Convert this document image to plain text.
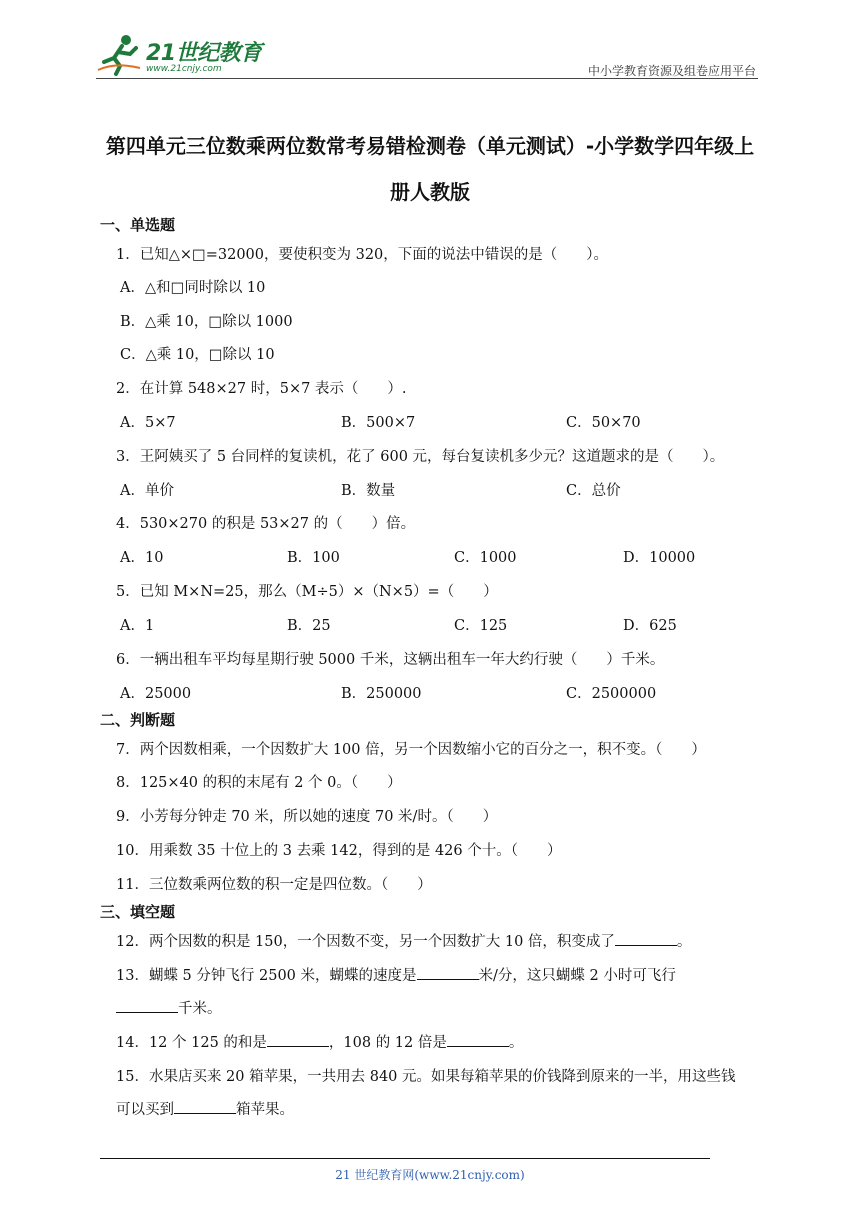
21世纪教育
www.21cnjy.com	中小学教育资源及组卷应用平台
第四单元三位数乘两位数常考易错检测卷（单元测试）-小学数学四年级上
册人教版
一、单选题
1．已知△×□=32000，要使积变为 320，下面的说法中错误的是（　　）。
A．△和□同时除以 10
B．△乘 10，□除以 1000
C．△乘 10，□除以 10
2．在计算 548×27 时，5×7 表示（　　）.
A．5×7	B．500×7	C．50×70
3．王阿姨买了 5 台同样的复读机，花了 600 元，每台复读机多少元？这道题求的是（　　）。
A．单价	B．数量	C．总价
4．530×270 的积是 53×27 的（　　）倍。
A．10	B．100	C．1000	D．10000
5．已知 M×N=25，那么（M÷5）×（N×5）=（　　）
A．1	B．25	C．125	D．625
6．一辆出租车平均每星期行驶 5000 千米，这辆出租车一年大约行驶（　　）千米。
A．25000	B．250000	C．2500000
二、判断题
7．两个因数相乘，一个因数扩大 100 倍，另一个因数缩小它的百分之一，积不变。（　　）
8．125×40 的积的末尾有 2 个 0。（　　）
9．小芳每分钟走 70 米，所以她的速度 70 米/时。（　　）
10．用乘数 35 十位上的 3 去乘 142，得到的是 426 个十。（　　）
11．三位数乘两位数的积一定是四位数。（　　）
三、填空题
12．两个因数的积是 150，一个因数不变，另一个因数扩大 10 倍，积变成了	。
13．蝴蝶 5 分钟飞行 2500 米，蝴蝶的速度是	米/分，这只蝴蝶 2 小时可飞行
千米。
14．12 个 125 的和是	，108 的 12 倍是	。
15．水果店买来 20 箱苹果，一共用去 840 元。如果每箱苹果的价钱降到原来的一半，用这些钱
可以买到	箱苹果。
21 世纪教育网(www.21cnjy.com)
